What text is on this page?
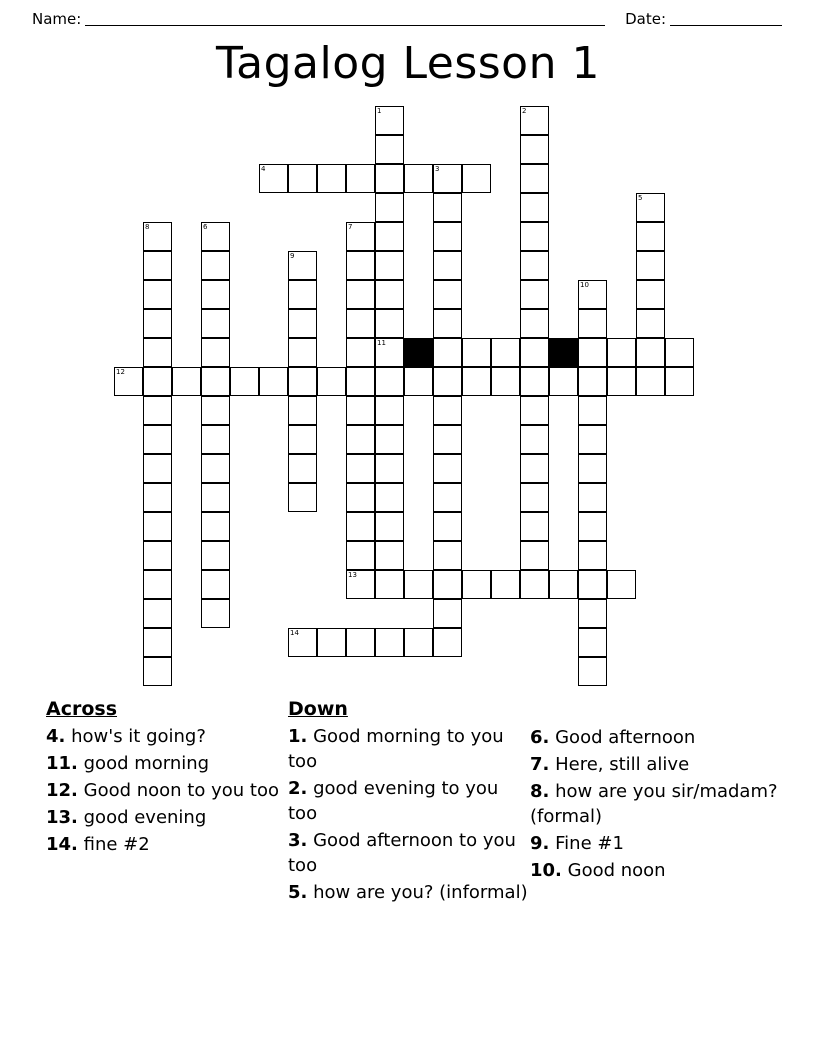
Name:	Date:
Tagalog Lesson 1
4	3
11
12
13
14
1	2
5
6	7
8
9
10
Across
4. how's it going?
11. good morning
12. Good noon to you too
13. good evening
14. fine #2
Down
1. Good morning to you too
2. good evening to you too
3. Good afternoon to you too
5. how are you? (informal)
6. Good afternoon
7. Here, still alive
8. how are you sir/madam? (formal)
9. Fine #1
10. Good noon
